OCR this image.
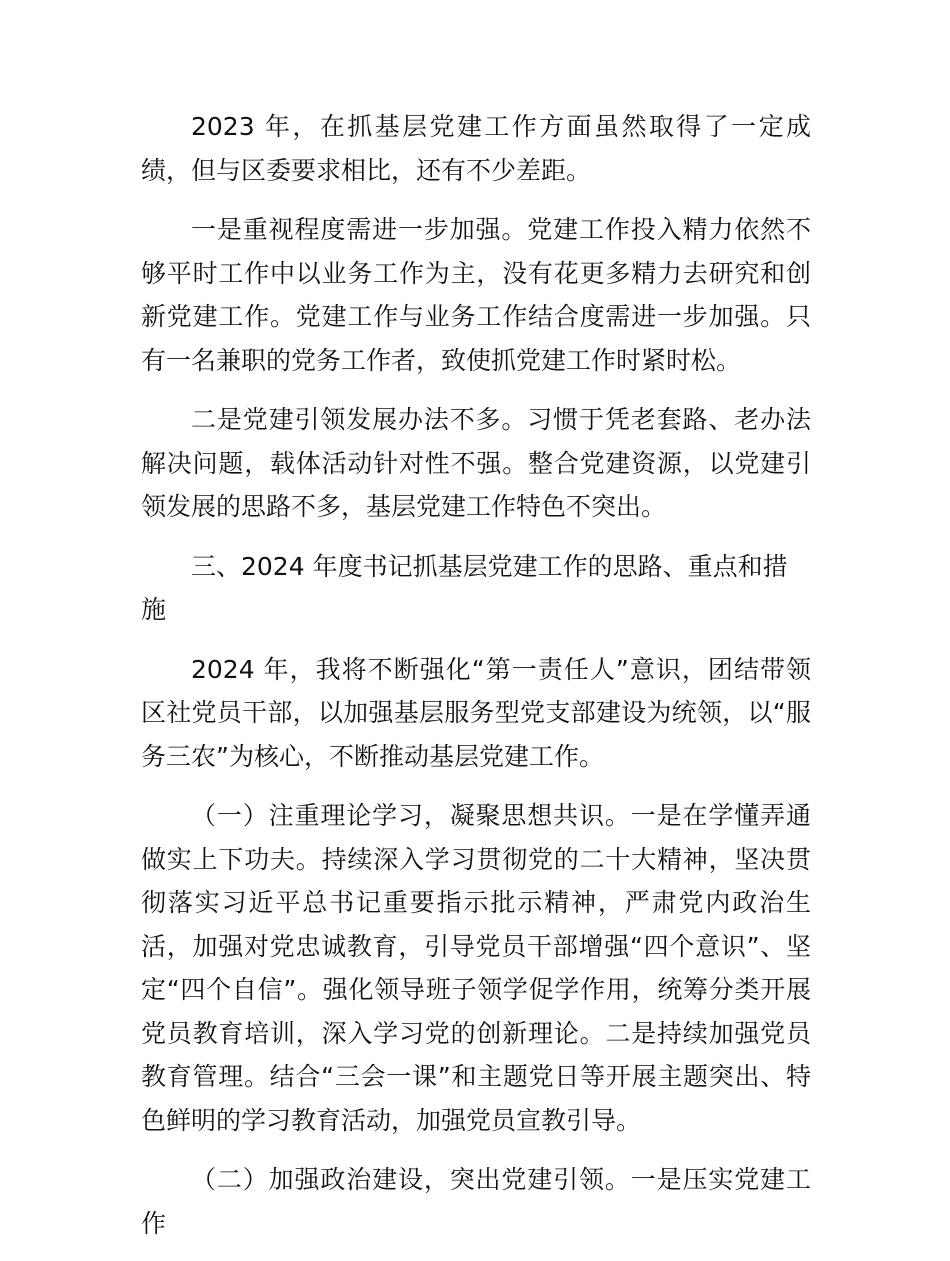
2023 年，在抓基层党建工作方面虽然取得了一定成绩，但与区委要求相比，还有不少差距。

一是重视程度需进一步加强。党建工作投入精力依然不够平时工作中以业务工作为主，没有花更多精力去研究和创新党建工作。党建工作与业务工作结合度需进一步加强。只有一名兼职的党务工作者，致使抓党建工作时紧时松。

二是党建引领发展办法不多。习惯于凭老套路、老办法解决问题，载体活动针对性不强。整合党建资源，以党建引领发展的思路不多，基层党建工作特色不突出。

三、2024 年度书记抓基层党建工作的思路、重点和措施

2024 年，我将不断强化“第一责任人”意识，团结带领区社党员干部，以加强基层服务型党支部建设为统领，以“服务三农”为核心，不断推动基层党建工作。

（一）注重理论学习，凝聚思想共识。一是在学懂弄通做实上下功夫。持续深入学习贯彻党的二十大精神，坚决贯彻落实习近平总书记重要指示批示精神，严肃党内政治生活，加强对党忠诚教育，引导党员干部增强“四个意识”、坚定“四个自信”。强化领导班子领学促学作用，统筹分类开展党员教育培训，深入学习党的创新理论。二是持续加强党员教育管理。结合“三会一课”和主题党日等开展主题突出、特色鲜明的学习教育活动，加强党员宣教引导。

（二）加强政治建设，突出党建引领。一是压实党建工作
